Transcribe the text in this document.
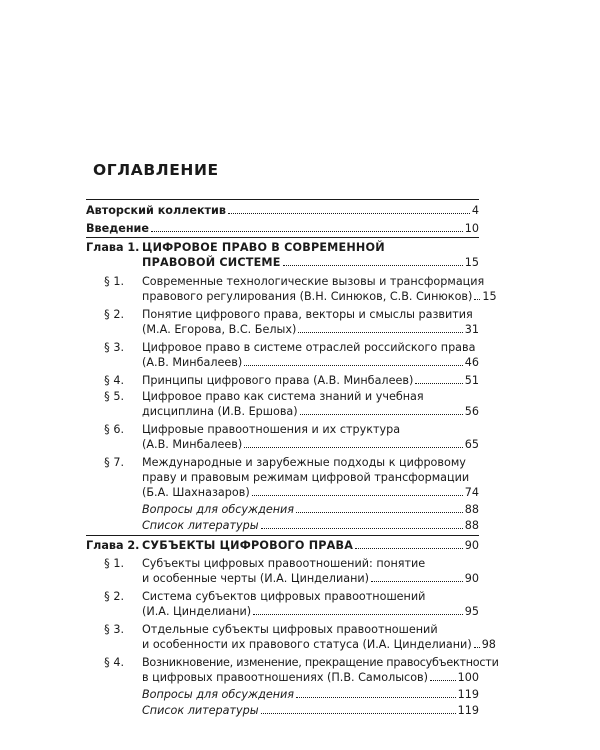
ОГЛАВЛЕНИЕ
Авторский коллектив	4
Введение	10
Глава 1. ЦИФРОВОЕ ПРАВО В СОВРЕМЕННОЙ
ПРАВОВОЙ СИСТЕМЕ	15
§ 1.	Современные технологические вызовы и трансформация
правового регулирования (В.Н. Синюков, С.В. Синюков) 15
§ 2.	Понятие цифрового права, векторы и смыслы развития
(М.А. Егорова, В.С. Белых)	31
§ 3.	Цифровое право в системе отраслей российского права
(А.В. Минбалеев)	46
§ 4.	Принципы цифрового права (А.В. Минбалеев)	51
§ 5.	Цифровое право как система знаний и учебная
дисциплина (И.В. Ершова)	56
§ 6.	Цифровые правоотношения и их структура
(А.В. Минбалеев)	65
§ 7.	Международные и зарубежные подходы к цифровому
праву и правовым режимам цифровой трансформации
(Б.А. Шахназаров)	74
Вопросы для обсуждения	88
Список литературы	88
Глава 2. СУБЪЕКТЫ ЦИФРОВОГО ПРАВА	90
§ 1.	Субъекты цифровых правоотношений: понятие
и особенные черты (И.А. Цинделиани)	90
§ 2.	Система субъектов цифровых правоотношений
(И.А. Цинделиани)	95
§ 3.	Отдельные субъекты цифровых правоотношений
и особенности их правового статуса (И.А. Цинделиани) 98
§ 4.	Возникновение, изменение, прекращение правосубъектности
в цифровых правоотношениях (П.В. Самолысов)	100
Вопросы для обсуждения	119
Список литературы	119
